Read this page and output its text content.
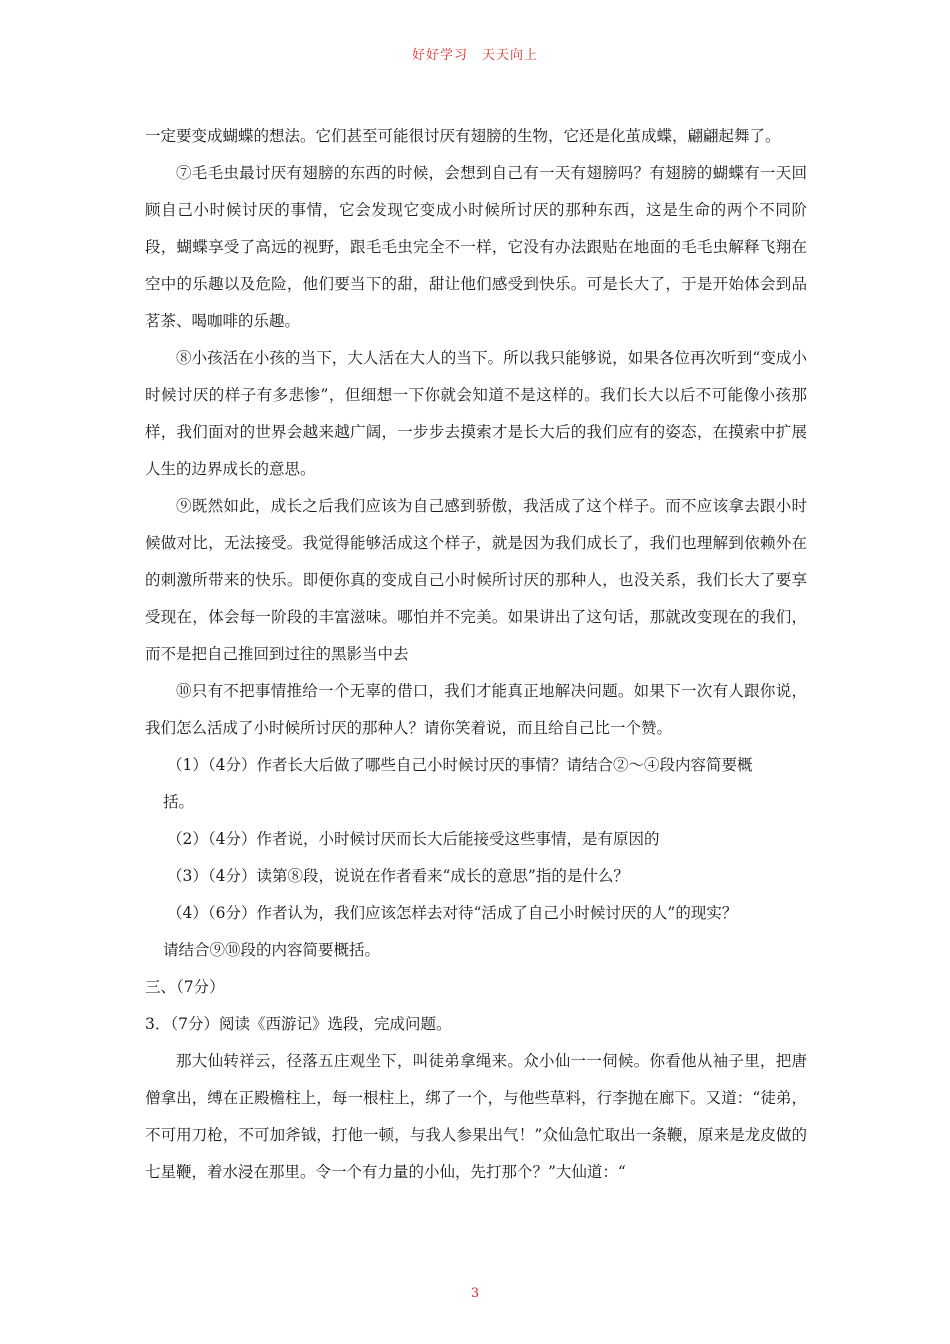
好好学习　天天向上

一定要变成蝴蝶的想法。它们甚至可能很讨厌有翅膀的生物，它还是化茧成蝶，翩翩起舞了。

⑦毛毛虫最讨厌有翅膀的东西的时候，会想到自己有一天有翅膀吗？有翅膀的蝴蝶有一天回顾自己小时候讨厌的事情，它会发现它变成小时候所讨厌的那种东西，这是生命的两个不同阶段，蝴蝶享受了高远的视野，跟毛毛虫完全不一样，它没有办法跟贴在地面的毛毛虫解释飞翔在空中的乐趣以及危险，他们要当下的甜，甜让他们感受到快乐。可是长大了，于是开始体会到品茗茶、喝咖啡的乐趣。

⑧小孩活在小孩的当下，大人活在大人的当下。所以我只能够说，如果各位再次听到“变成小时候讨厌的样子有多悲惨”，但细想一下你就会知道不是这样的。我们长大以后不可能像小孩那样，我们面对的世界会越来越广阔，一步步去摸索才是长大后的我们应有的姿态，在摸索中扩展人生的边界成长的意思。

⑨既然如此，成长之后我们应该为自己感到骄傲，我活成了这个样子。而不应该拿去跟小时候做对比，无法接受。我觉得能够活成这个样子，就是因为我们成长了，我们也理解到依赖外在的刺激所带来的快乐。即便你真的变成自己小时候所讨厌的那种人，也没关系，我们长大了要享受现在，体会每一阶段的丰富滋味。哪怕并不完美。如果讲出了这句话，那就改变现在的我们，而不是把自己推回到过往的黑影当中去

⑩只有不把事情推给一个无辜的借口，我们才能真正地解决问题。如果下一次有人跟你说，我们怎么活成了小时候所讨厌的那种人？请你笑着说，而且给自己比一个赞。

（1）（4分）作者长大后做了哪些自己小时候讨厌的事情？请结合②～④段内容简要概

括。

（2）（4分）作者说，小时候讨厌而长大后能接受这些事情，是有原因的

（3）（4分）读第⑧段，说说在作者看来“成长的意思”指的是什么？

（4）（6分）作者认为，我们应该怎样去对待“活成了自己小时候讨厌的人”的现实？

请结合⑨⑩段的内容简要概括。

三、（7分）

3．（7分）阅读《西游记》选段，完成问题。

那大仙转祥云，径落五庄观坐下，叫徒弟拿绳来。众小仙一一伺候。你看他从袖子里，把唐僧拿出，缚在正殿檐柱上，每一根柱上，绑了一个，与他些草料，行李抛在廊下。又道：“徒弟，不可用刀枪，不可加斧钺，打他一顿，与我人参果出气！”众仙急忙取出一条鞭，原来是龙皮做的七星鞭，着水浸在那里。令一个有力量的小仙，先打那个？”大仙道：“

3
